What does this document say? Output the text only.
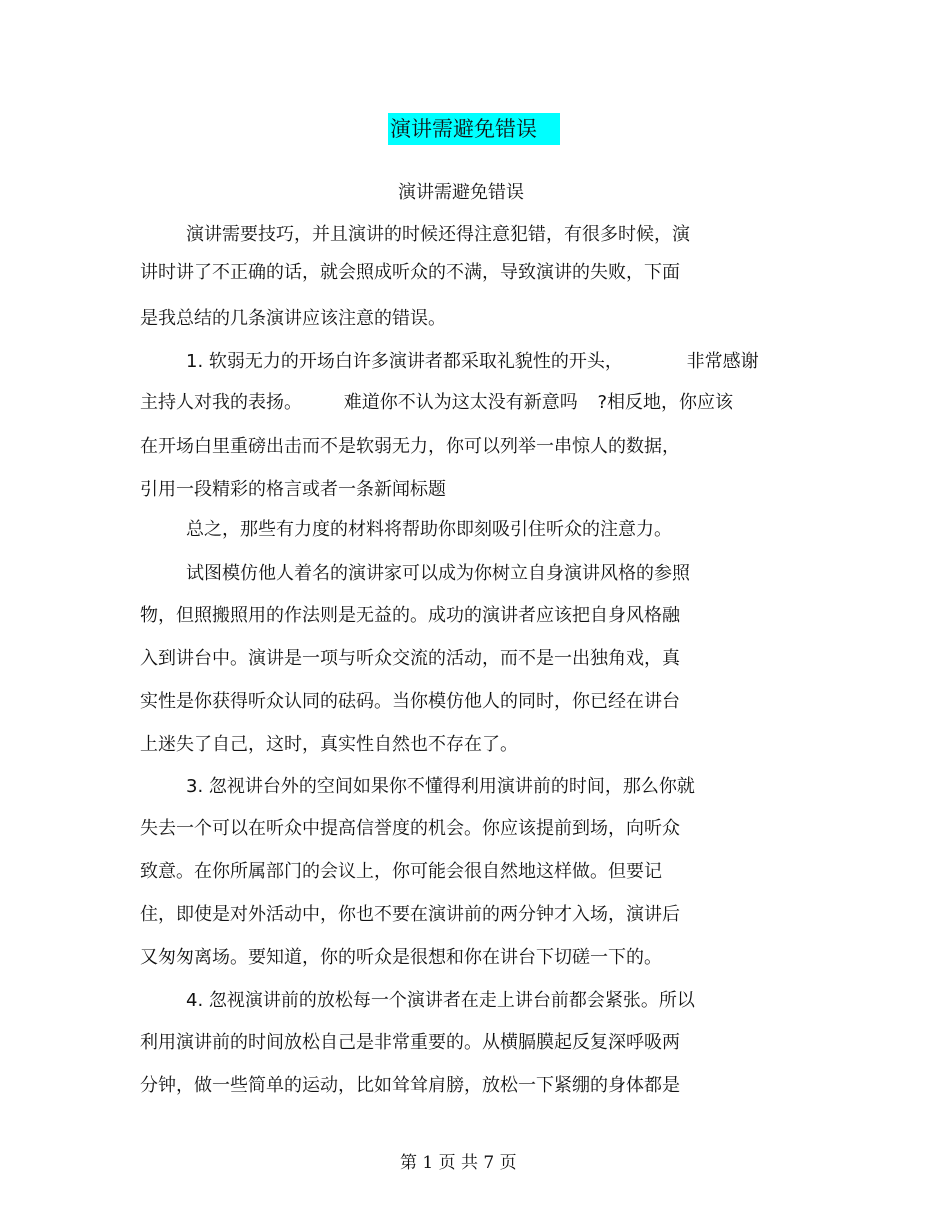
演讲需避免错误
演讲需避免错误
演讲需要技巧，并且演讲的时候还得注意犯错，有很多时候，演
讲时讲了不正确的话，就会照成听众的不满，导致演讲的失败，下面
是我总结的几条演讲应该注意的错误。
1. 软弱无力的开场白许多演讲者都采取礼貌性的开头，	非常感谢
主持人对我的表扬。 难道你不认为这太没有新意吗 ?相反地，你应该
在开场白里重磅出击而不是软弱无力，你可以列举一串惊人的数据，
引用一段精彩的格言或者一条新闻标题
总之，那些有力度的材料将帮助你即刻吸引住听众的注意力。
试图模仿他人着名的演讲家可以成为你树立自身演讲风格的参照
物，但照搬照用的作法则是无益的。成功的演讲者应该把自身风格融
入到讲台中。演讲是一项与听众交流的活动，而不是一出独角戏，真
实性是你获得听众认同的砝码。当你模仿他人的同时，你已经在讲台
上迷失了自己，这时，真实性自然也不存在了。
3. 忽视讲台外的空间如果你不懂得利用演讲前的时间，那么你就
失去一个可以在听众中提高信誉度的机会。你应该提前到场，向听众
致意。在你所属部门的会议上，你可能会很自然地这样做。但要记
住，即使是对外活动中，你也不要在演讲前的两分钟才入场，演讲后
又匆匆离场。要知道，你的听众是很想和你在讲台下切磋一下的。
4. 忽视演讲前的放松每一个演讲者在走上讲台前都会紧张。所以
利用演讲前的时间放松自己是非常重要的。从横膈膜起反复深呼吸两
分钟，做一些简单的运动，比如耸耸肩膀，放松一下紧绷的身体都是
第 1 页 共 7 页
